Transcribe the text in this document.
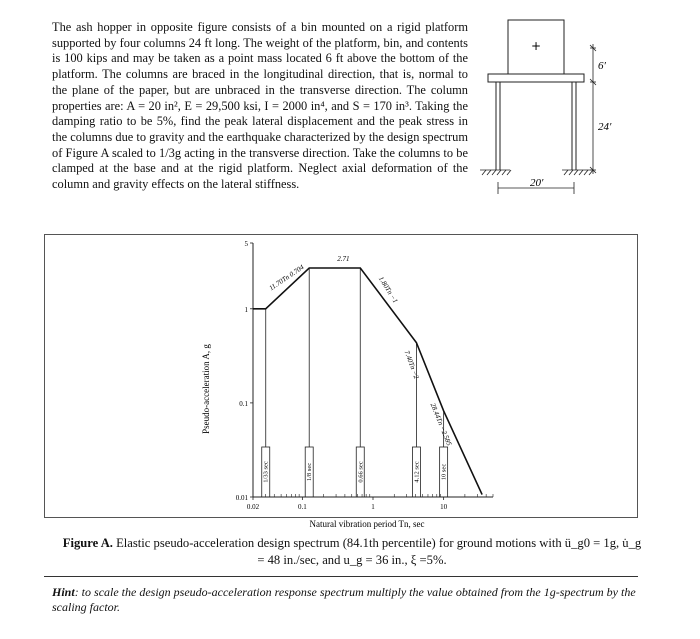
The ash hopper in opposite figure consists of a bin mounted on a rigid platform supported by four columns 24 ft long. The weight of the platform, bin, and contents is 100 kips and may be taken as a point mass located 6 ft above the bottom of the platform. The columns are braced in the longitudinal direction, that is, normal to the plane of the paper, but are unbraced in the transverse direction. The column properties are: A = 20 in², E = 29,500 ksi, I = 2000 in⁴, and S = 170 in³. Taking the damping ratio to be 5%, find the peak lateral displacement and the peak stress in the columns due to gravity and the earthquake characterized by the design spectrum of Figure A scaled to 1/3g acting in the transverse direction. Take the columns to be clamped at the base and at the rigid platform. Neglect axial deformation of the column and gravity effects on the lateral stiffness.

+
6′
24′
20′
Pseudo-acceleration A, g
Natural vibration period Tn, sec
0.01
0.1
1
5
0.02	0.1	1	10
1/33 sec	1/8 sec	0.66 sec	4.12 sec	10 sec
2.71
11.70Tn 0.704	1.80Tn −1
7.40Tn −2
28.44Tn −2.585
Figure A. Elastic pseudo-acceleration design spectrum (84.1th percentile) for ground motions with ü_g0 = 1g, u̇_g = 48 in./sec, and u_g = 36 in., ξ =5%.
Hint: to scale the design pseudo-acceleration response spectrum multiply the value obtained from the 1g-spectrum by the scaling factor.
